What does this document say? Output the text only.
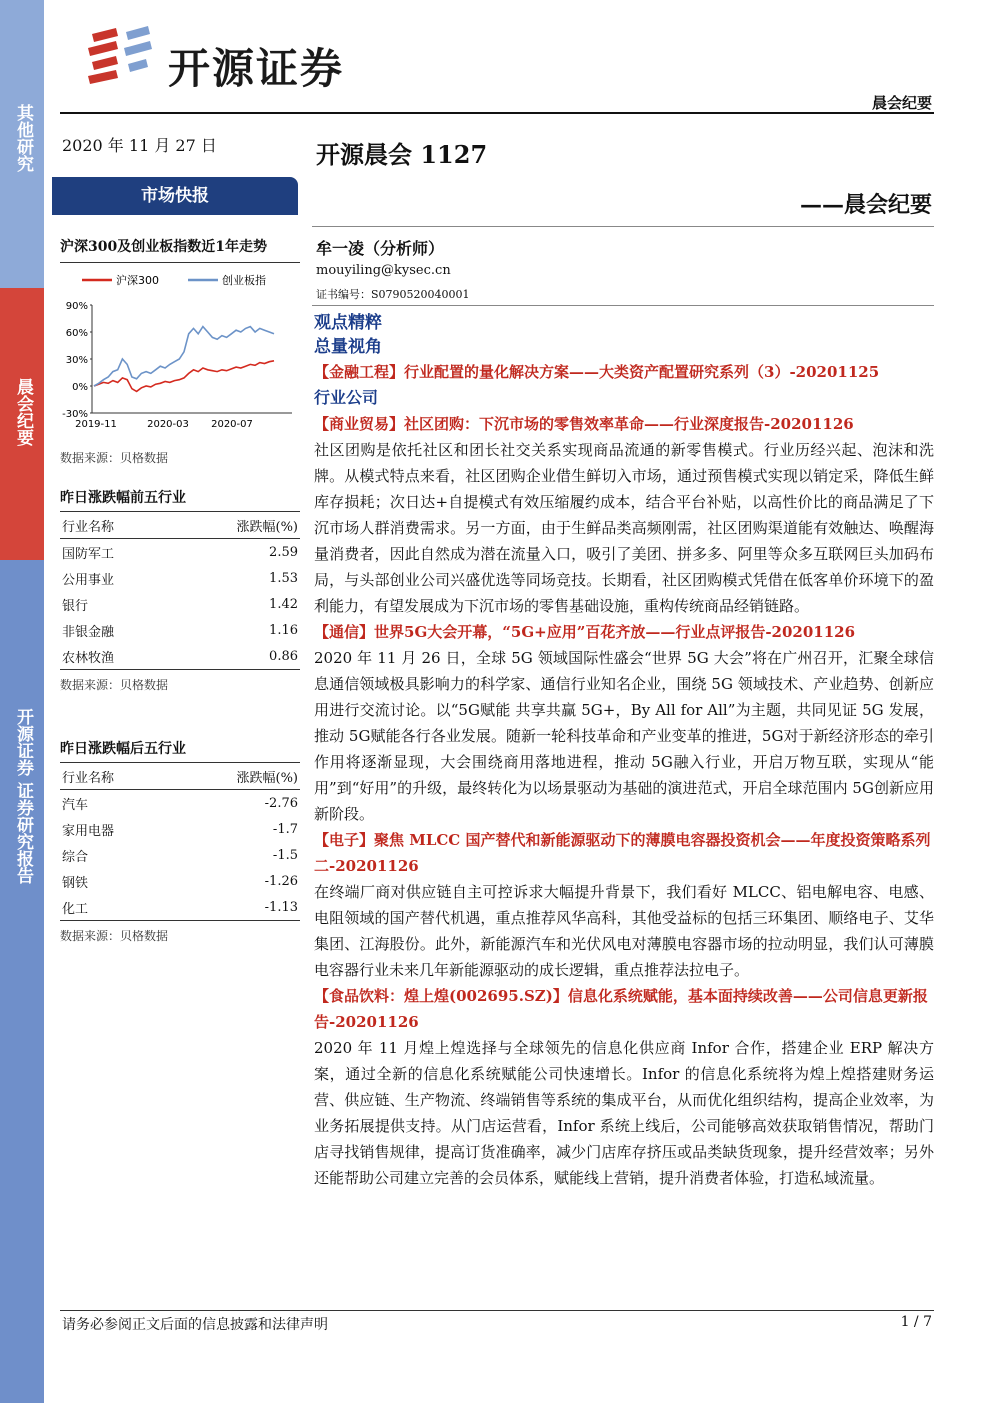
其他研究
晨会纪要
开源证券 证券研究报告
开源证券
晨会纪要
2020 年 11 月 27 日	开源晨会 1127
——晨会纪要
市场快报
沪深300及创业板指数近1年走势
沪深300	创业板指
90%
60%
30%
0%
-30%
2019-11	2020-03 2020-07
数据来源：贝格数据
昨日涨跌幅前五行业
行业名称	涨跌幅(%)
国防军工	2.59
公用事业	1.53
银行	1.42
非银金融	1.16
农林牧渔	0.86
数据来源：贝格数据
昨日涨跌幅后五行业
行业名称	涨跌幅(%)
汽车	-2.76
家用电器	-1.7
综合	-1.5
钢铁	-1.26
化工	-1.13
数据来源：贝格数据
牟一凌（分析师）
mouyiling@kysec.cn
证书编号：S0790520040001
观点精粹
总量视角
【金融工程】行业配置的量化解决方案——大类资产配置研究系列（3）-20201125
行业公司
【商业贸易】社区团购：下沉市场的零售效率革命——行业深度报告-20201126
社区团购是依托社区和团长社交关系实现商品流通的新零售模式。行业历经兴起、泡沫和洗牌。从模式特点来看，社区团购企业借生鲜切入市场，通过预售模式实现以销定采，降低生鲜库存损耗；次日达+自提模式有效压缩履约成本，结合平台补贴，以高性价比的商品满足了下沉市场人群消费需求。另一方面，由于生鲜品类高频刚需，社区团购渠道能有效触达、唤醒海量消费者，因此自然成为潜在流量入口，吸引了美团、拼多多、阿里等众多互联网巨头加码布局，与头部创业公司兴盛优选等同场竞技。长期看，社区团购模式凭借在低客单价环境下的盈利能力，有望发展成为下沉市场的零售基础设施，重构传统商品经销链路。
【通信】世界5G大会开幕，“5G+应用”百花齐放——行业点评报告-20201126
2020 年 11 月 26 日，全球 5G 领域国际性盛会“世界 5G 大会”将在广州召开，汇聚全球信息通信领域极具影响力的科学家、通信行业知名企业，围绕 5G 领域技术、产业趋势、创新应用进行交流讨论。以“5G赋能 共享共赢 5G+，By All for All”为主题，共同见证 5G 发展，推动 5G赋能各行各业发展。随新一轮科技革命和产业变革的推进，5G对于新经济形态的牵引作用将逐渐显现，大会围绕商用落地进程，推动 5G融入行业，开启万物互联，实现从“能用”到“好用”的升级，最终转化为以场景驱动为基础的演进范式，开启全球范围内 5G创新应用新阶段。
【电子】聚焦 MLCC 国产替代和新能源驱动下的薄膜电容器投资机会——年度投资策略系列二-20201126
在终端厂商对供应链自主可控诉求大幅提升背景下，我们看好 MLCC、铝电解电容、电感、电阻领域的国产替代机遇，重点推荐风华高科，其他受益标的包括三环集团、顺络电子、艾华集团、江海股份。此外，新能源汽车和光伏风电对薄膜电容器市场的拉动明显，我们认可薄膜电容器行业未来几年新能源驱动的成长逻辑，重点推荐法拉电子。
【食品饮料：煌上煌(002695.SZ)】信息化系统赋能，基本面持续改善——公司信息更新报告-20201126
2020 年 11 月煌上煌选择与全球领先的信息化供应商 Infor 合作，搭建企业 ERP 解决方案，通过全新的信息化系统赋能公司快速增长。Infor 的信息化系统将为煌上煌搭建财务运营、供应链、生产物流、终端销售等系统的集成平台，从而优化组织结构，提高企业效率，为业务拓展提供支持。从门店运营看，Infor 系统上线后，公司能够高效获取销售情况，帮助门店寻找销售规律，提高订货准确率，减少门店库存挤压或品类缺货现象，提升经营效率；另外还能帮助公司建立完善的会员体系，赋能线上营销，提升消费者体验，打造私域流量。
请务必参阅正文后面的信息披露和法律声明	1 / 7
